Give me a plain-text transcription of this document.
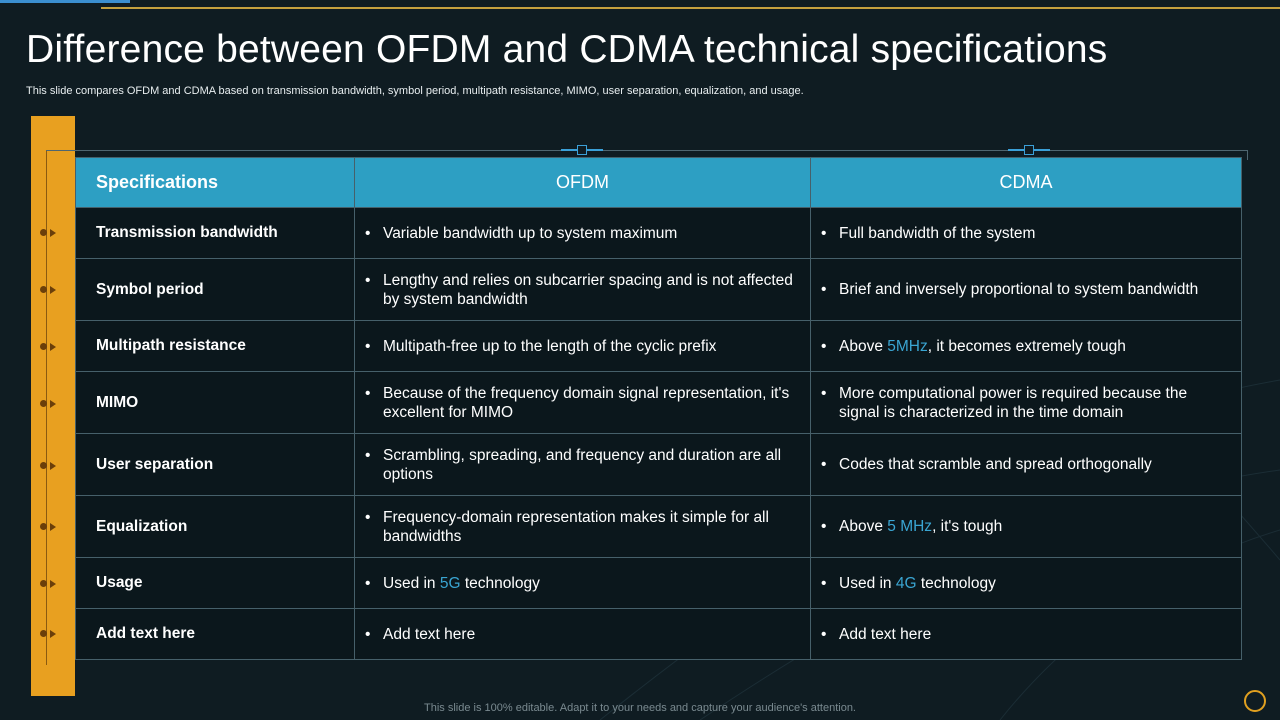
Difference between OFDM and CDMA technical specifications

This slide compares OFDM and CDMA based on transmission bandwidth, symbol period, multipath resistance, MIMO, user separation, equalization, and usage.

Specifications	OFDM	CDMA
Transmission bandwidth	• Variable bandwidth up to system maximum	• Full bandwidth of the system

Symbol period	• Lengthy and relies on subcarrier spacing and is not affected by system bandwidth	• Brief and inversely proportional to system bandwidth

Multipath resistance	• Multipath-free up to the length of the cyclic prefix	• Above 5MHz, it becomes extremely tough

MIMO	• Because of the frequency domain signal representation, it's excellent for MIMO	• More computational power is required because the signal is characterized in the time domain

User separation	• Scrambling, spreading, and frequency and duration are all options	• Codes that scramble and spread orthogonally

Equalization	• Frequency-domain representation makes it simple for all bandwidths	• Above 5 MHz, it's tough

Usage	• Used in 5G technology	• Used in 4G technology

Add text here	• Add text here	• Add text here
This slide is 100% editable. Adapt it to your needs and capture your audience's attention.
